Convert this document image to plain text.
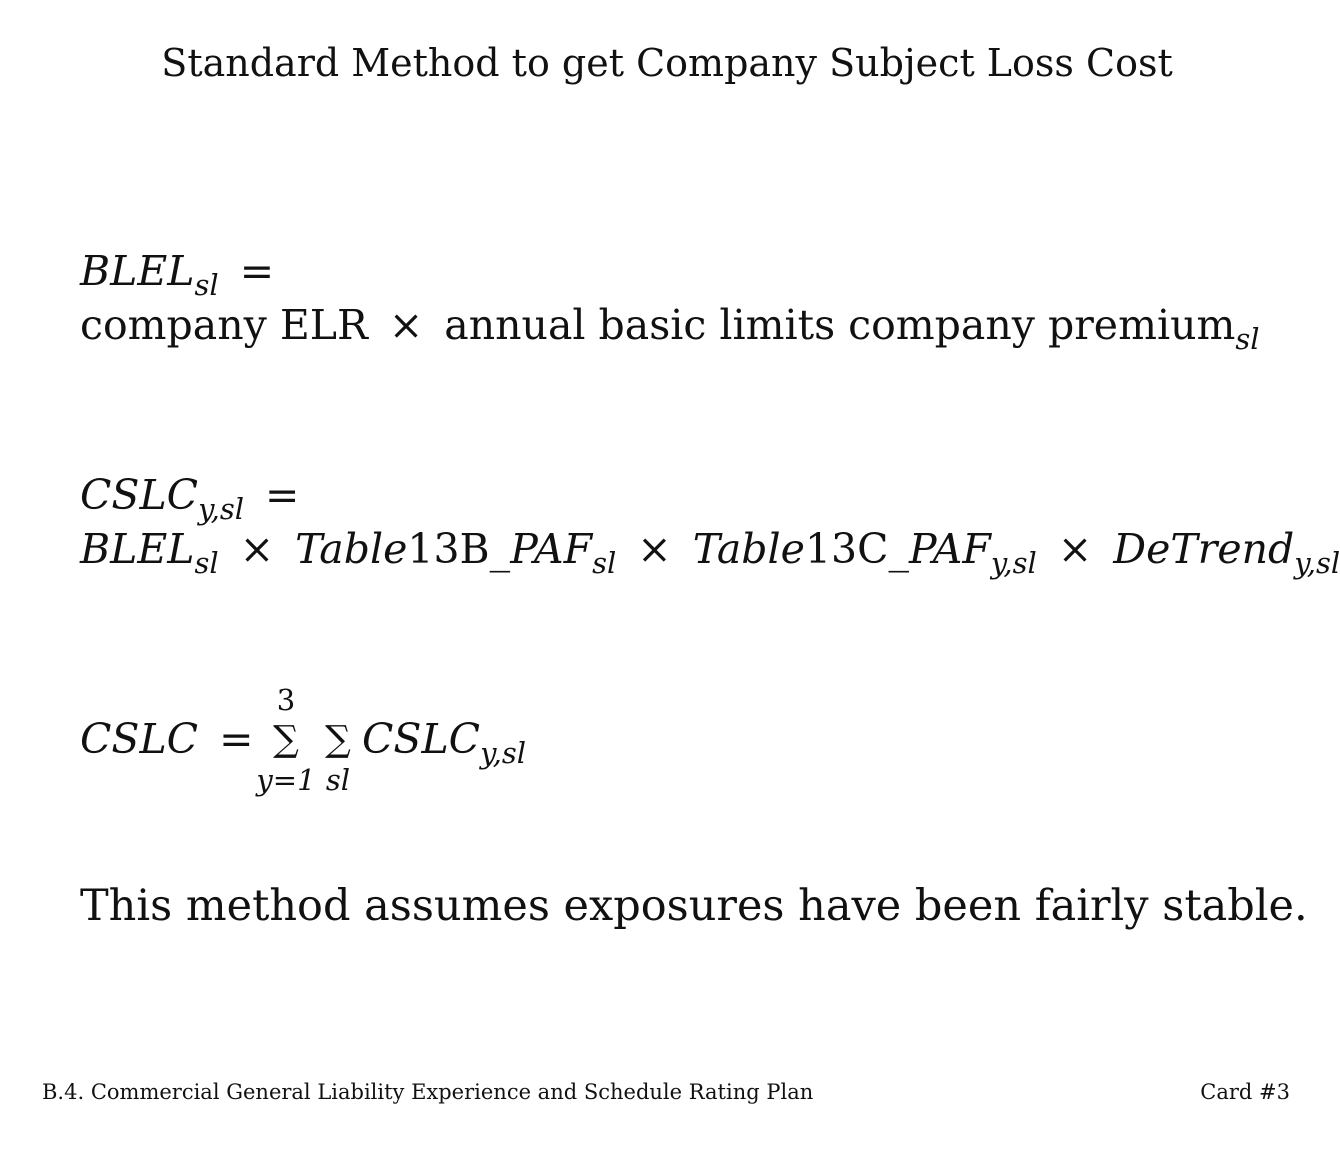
Standard Method to get Company Subject Loss Cost
$BLEL_{sl}$ =
company ELR × annual basic limits company premium$_{sl}$
$CSLC_{y,sl}$ =
$BLEL_{sl}$ × $Table13B\_PAF_{sl}$ × $Table13C\_PAF_{y,sl}$ × DeTrend$_{y,sl}$
CSLC =
3
∑
y=1
∑
sl
$CSLC_{y,sl}$
This method assumes exposures have been fairly stable.
B.4. Commercial General Liability Experience and Schedule Rating Plan	Card #3
